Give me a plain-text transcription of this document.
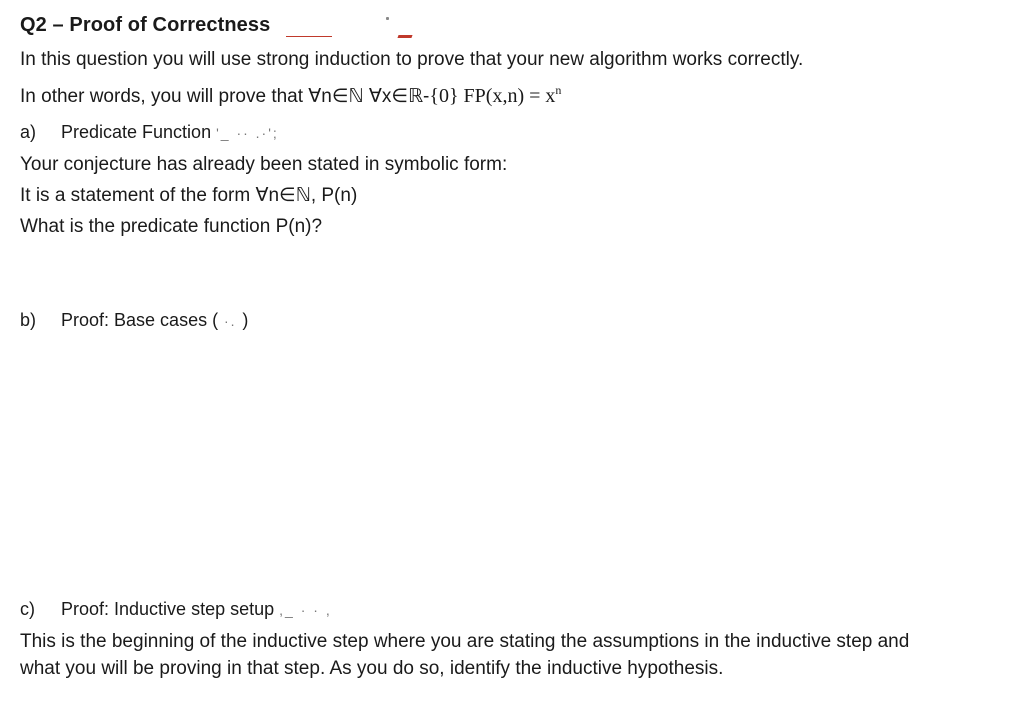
Q2 – Proof of Correctness
In this question you will use strong induction to prove that your new algorithm works correctly.
In other words, you will prove that ∀n∈ℕ ∀x∈ℝ-{0} $FP(x,n) = x^n$
a) Predicate Function '_ ·· .·';
Your conjecture has already been stated in symbolic form:
It is a statement of the form ∀n∈ℕ, P(n)
What is the predicate function P(n)?
b) Proof: Base cases ( ·. )
c) Proof: Inductive step setup ,_ · · ,
This is the beginning of the inductive step where you are stating the assumptions in the inductive step and
what you will be proving in that step. As you do so, identify the inductive hypothesis.
